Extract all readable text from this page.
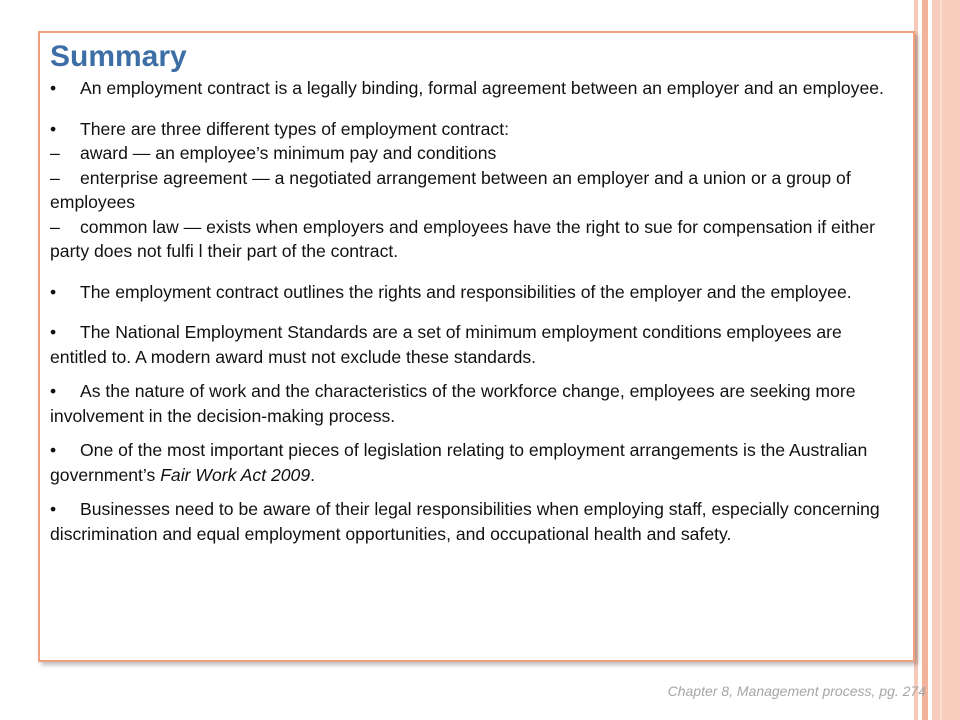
Summary

• An employment contract is a legally binding, formal agreement between an employer and an employee.

• There are three different types of employment contract:
– award — an employee’s minimum pay and conditions
– enterprise agreement — a negotiated arrangement between an employer and a union or a group of employees
– common law — exists when employers and employees have the right to sue for compensation if either party does not fulfi l their part of the contract.

• The employment contract outlines the rights and responsibilities of the employer and the employee.

• The National Employment Standards are a set of minimum employment conditions employees are entitled to. A modern award must not exclude these standards.

• As the nature of work and the characteristics of the workforce change, employees are seeking more involvement in the decision-making process.

• One of the most important pieces of legislation relating to employment arrangements is the Australian government’s Fair Work Act 2009.

• Businesses need to be aware of their legal responsibilities when employing staff, especially concerning discrimination and equal employment opportunities, and occupational health and safety.

Chapter 8, Management process, pg. 274
